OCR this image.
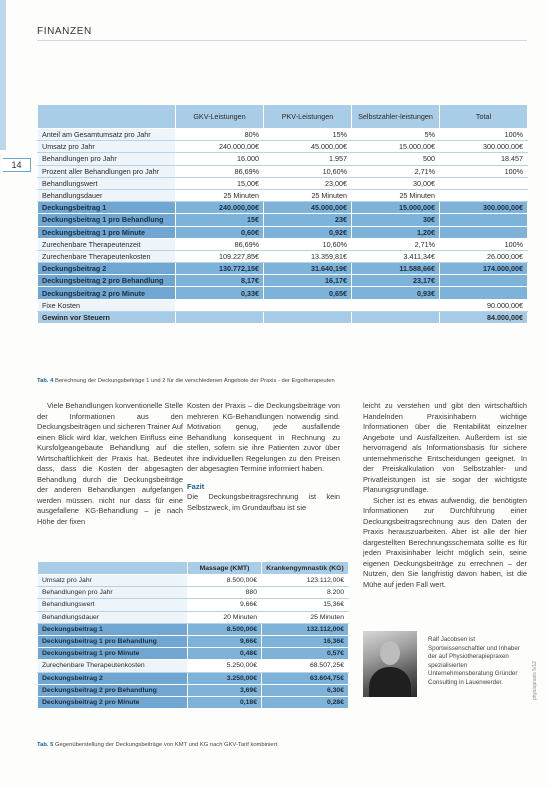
FINANZEN
14
	GKV-Leistungen	PKV-Leistungen	Selbstzahler-leistungen	Total
Anteil am Gesamtumsatz pro Jahr	80%	15%	5%	100%
Umsatz pro Jahr	240.000,00€	45.000,00€	15.000,00€	300.000,00€
Behandlungen pro Jahr	16.000	1.957	500	18.457
Prozent aller Behandlungen pro Jahr	86,69%	10,60%	2,71%	100%
Behandlungswert	15,00€	23,00€	30,00€	
Behandlungsdauer	25 Minuten	25 Minuten	25 Minuten	
Deckungsbeitrag 1	240.000,00€	45.000,00€	15.000,00€	300.000,00€
Deckungsbeitrag 1 pro Behandlung	15€	23€	30€	
Deckungsbeitrag 1 pro Minute	0,60€	0,92€	1,20€	
Zurechenbare Therapeutenzeit	86,69%	10,60%	2,71%	100%
Zurechenbare Therapeutenkosten	109.227,85€	13.359,81€	3.411,34€	26.000,00€
Deckungsbeitrag 2	130.772,15€	31.640,19€	11.588,66€	174.000,00€
Deckungsbeitrag 2 pro Behandlung	8,17€	16,17€	23,17€	
Deckungsbeitrag 2 pro Minute	0,33€	0,65€	0,93€	
Fixe Kosten				90.000,00€
Gewinn vor Steuern				84.000,00€
Tab. 4 Berechnung der Deckungsbeiträge 1 und 2 für die verschiedenen Angebote der Praxis - der Ergotherapeuten

Viele Behandlungen konventionelle Stelle der Informationen aus den Deckungsbeiträgen und sicheren Trainer Auf einen Blick wird klar, welchen Einfluss eine Kursfolgeangebaute Behandlung auf die Wirtschaftlichkeit der Praxis hat. Bedeutet dass, dass die Kosten der abgesagten Behandlung durch die Deckungsbeiträge der anderen Behandlungen aufgefangen werden müssen. nicht nur dass für eine ausgefallene KG-Behandlung – je nach Höhe der fixen

Kosten der Praxis – die Deckungsbeiträge von mehreren KG-Behandlungen notwendig sind. Motivation genug, jede ausfallende Behandlung konsequent in Rechnung zu stellen, sofern sie ihre Patienten zuvor über ihre individuellen Regelungen zu den Preisen der abgesagten Termine informiert haben.

Fazit

Die Deckungsbeitragsrechnung ist kein Selbstzweck, im Grundaufbau ist sie

leicht zu verstehen und gibt den wirtschaftlich Handelnden Praxisinhabern wichtige Informationen über die Rentabilität einzelner Angebote und Ausfallzeiten. Außerdem ist sie hervorragend als Informationsbasis für sichere unternehmerische Entscheidungen geeignet. In der Preiskalkulation von Selbstzahler- und Privatleistungen ist sie sogar der wichtigste Planungsgrundlage.

Sicher ist es etwas aufwendig, die benötigten Informationen zur Durchführung einer Deckungsbeitragsrechnung aus den Daten der Praxis herauszuarbeiten. Aber ist alle der hier dargestellten Berechnungsschemata sollte es für jeden Praxisinhaber leicht möglich sein, seine eigenen Deckungsbeiträge zu errechnen – der Nutzen, den Sie langfristig davon haben, ist die Mühe auf jeden Fall wert.

	Massage (KMT)	Krankengymnastik (KG)
Umsatz pro Jahr	8.500,00€	123.112,00€
Behandlungen pro Jahr	880	8.200
Behandlungswert	9,66€	15,36€
Behandlungsdauer	20 Minuten	25 Minuten
Deckungsbeitrag 1	8.500,00€	132.112,00€
Deckungsbeitrag 1 pro Behandlung	9,66€	16,36€
Deckungsbeitrag 1 pro Minute	0,48€	0,57€
Zurechenbare Therapeutenkosten	5.250,00€	68.507,25€
Deckungsbeitrag 2	3.250,00€	63.604,75€
Deckungsbeitrag 2 pro Behandlung	3,69€	6,30€
Deckungsbeitrag 2 pro Minute	0,18€	0,28€
Tab. 5 Gegenüberstellung der Deckungsbeiträge von KMT und KG nach GKV-Tarif kombiniert
Ralf Jacobsen ist Sportwissenschaftler und Inhaber der auf Physiotherapiepraxen spezialisierten Unternehmensberatung Gründer Consulting in Lauenwerder.	physiopraxis 5/12
